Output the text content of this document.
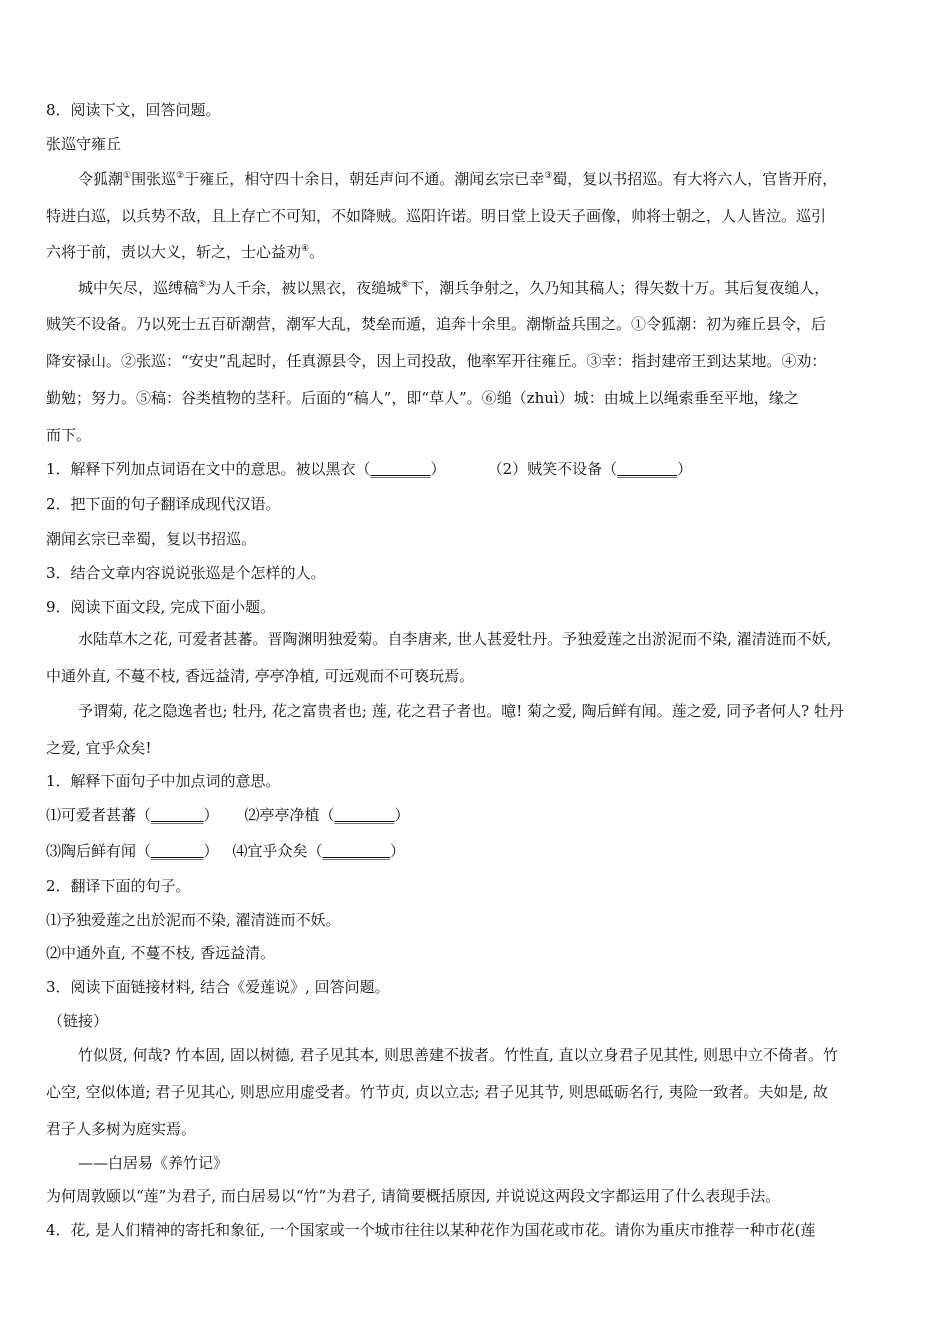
8．阅读下文，回答问题。
张巡守雍丘
令狐潮①围张巡②于雍丘，相守四十余日，朝廷声问不通。潮闻玄宗已幸③蜀，复以书招巡。有大将六人，官皆开府，
特进白巡，以兵势不敌，且上存亡不可知，不如降贼。巡阳许诺。明日堂上设天子画像，帅将士朝之，人人皆泣。巡引
六将于前，责以大义，斩之，士心益劝④。
城中矢尽，巡缚稿⑤为人千余，被以黑衣，夜缒城⑥下，潮兵争射之，久乃知其稿人；得矢数十万。其后复夜缒人，
贼笑不设备。乃以死士五百斫潮营，潮军大乱，焚垒而遁，追奔十余里。潮惭益兵围之。①令狐潮：初为雍丘县令，后
降安禄山。②张巡：“安史”乱起时，任真源县令，因上司投敌，他率军开往雍丘。③幸：指封建帝王到达某地。④劝：
勤勉；努力。⑤稿：谷类植物的茎秆。后面的“稿人”，即“草人”。⑥缒（zhuì）城：由城上以绳索垂至平地，缘之
而下。
1．解释下列加点词语在文中的意思。被以黑衣（________）	（2）贼笑不设备（________）
2．把下面的句子翻译成现代汉语。
潮闻玄宗已幸蜀，复以书招巡。
3．结合文章内容说说张巡是个怎样的人。
9．阅读下面文段, 完成下面小题。
水陆草木之花, 可爱者甚蕃。晋陶渊明独爱菊。自李唐来, 世人甚爱牡丹。予独爱莲之出淤泥而不染, 濯清涟而不妖,
中通外直, 不蔓不枝, 香远益清, 亭亭净植, 可远观而不可亵玩焉。
予谓菊, 花之隐逸者也; 牡丹, 花之富贵者也; 莲, 花之君子者也。噫! 菊之爱, 陶后鲜有闻。莲之爱, 同予者何人? 牡丹
之爱, 宜乎众矣!
1．解释下面句子中加点词的意思。
⑴可爱者甚蕃（_______） ⑵亭亭净植（________）
⑶陶后鲜有闻（_______） ⑷宜乎众矣（_________）
2．翻译下面的句子。
⑴予独爱莲之出於泥而不染, 濯清涟而不妖。
⑵中通外直, 不蔓不枝, 香远益清。
3．阅读下面链接材料, 结合《爱莲说》, 回答问题。
（链接）
竹似贤, 何哉? 竹本固, 固以树德, 君子见其本, 则思善建不拔者。竹性直, 直以立身君子见其性, 则思中立不倚者。竹
心空, 空似体道; 君子见其心, 则思应用虚受者。竹节贞, 贞以立志; 君子见其节, 则思砥砺名行, 夷险一致者。夫如是, 故
君子人多树为庭实焉。
——白居易《养竹记》
为何周敦颐以“莲”为君子, 而白居易以“竹”为君子, 请简要概括原因, 并说说这两段文字都运用了什么表现手法。
4．花, 是人们精神的寄托和象征, 一个国家或一个城市往往以某种花作为国花或市花。请你为重庆市推荐一种市花(莲
